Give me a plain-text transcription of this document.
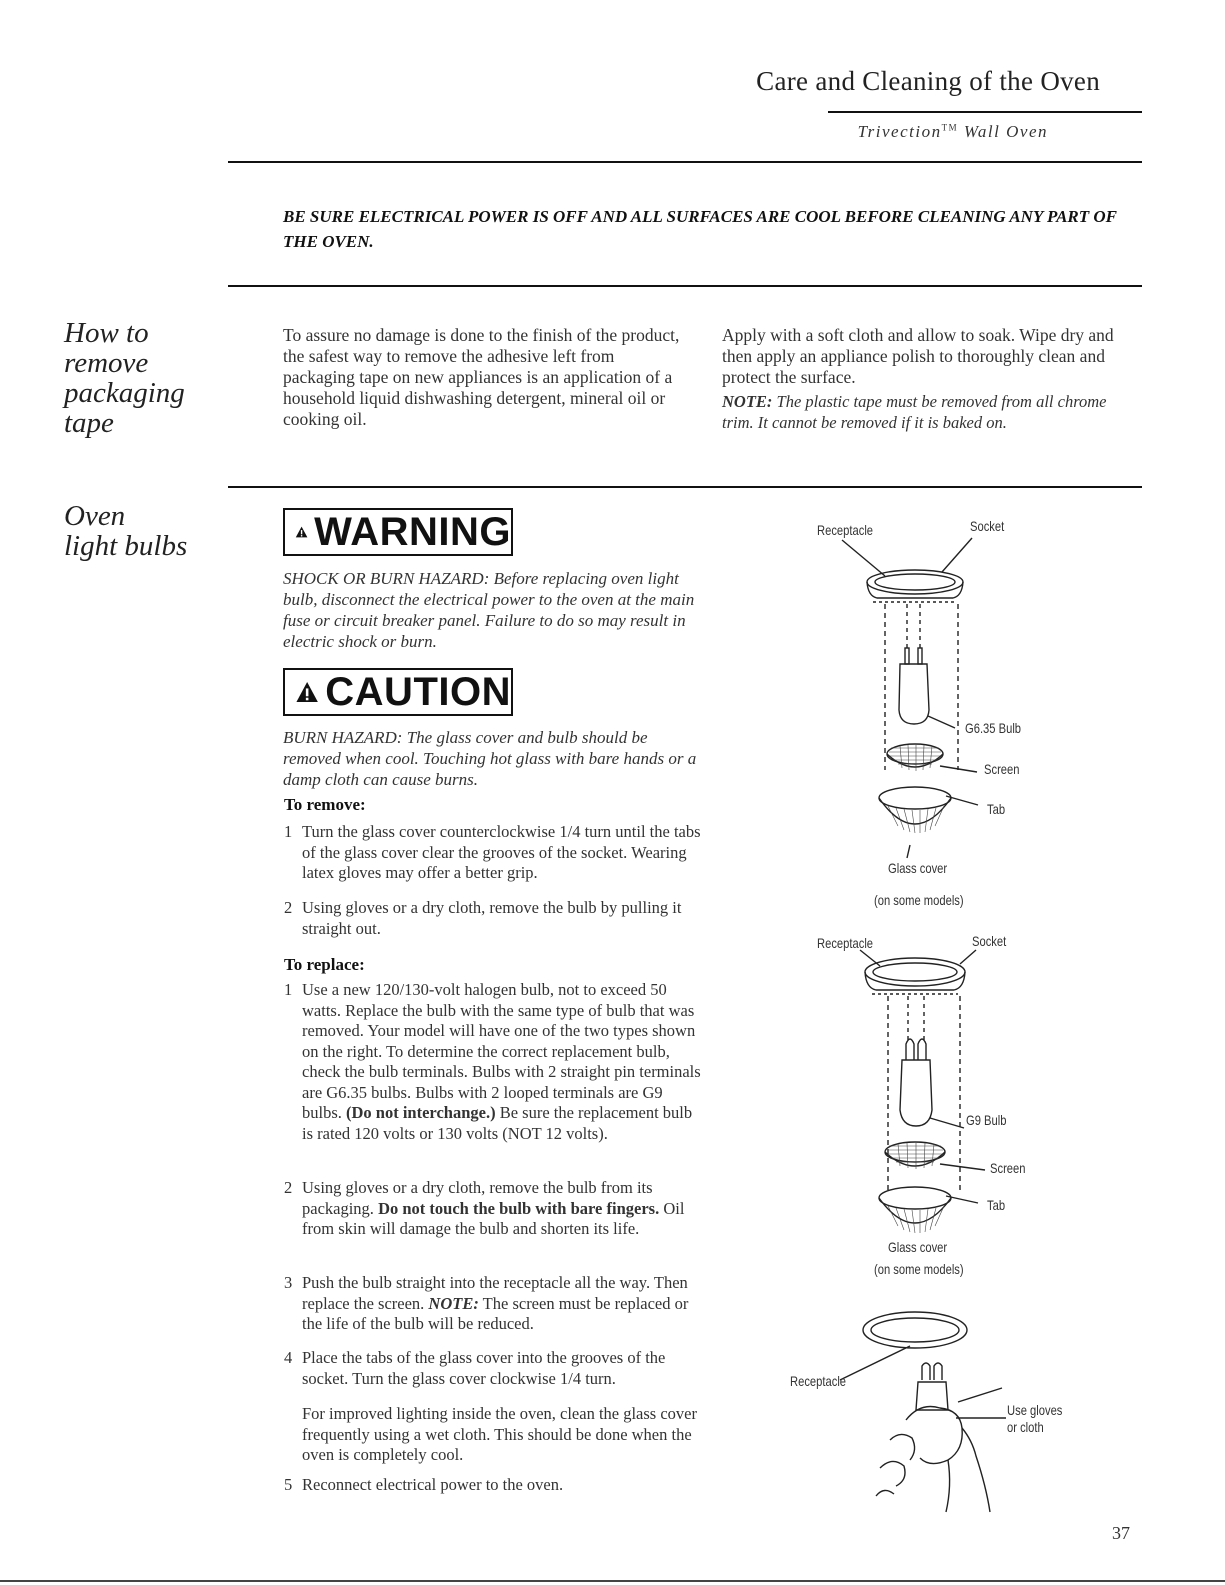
Care and Cleaning of the Oven
Trivection™ Wall Oven
BE SURE ELECTRICAL POWER IS OFF AND ALL SURFACES ARE COOL BEFORE CLEANING ANY PART OF THE OVEN.
How to
remove
packaging
tape
To assure no damage is done to the finish of the product, the safest way to remove the adhesive left from packaging tape on new appliances is an application of a household liquid dishwashing detergent, mineral oil or cooking oil.
Apply with a soft cloth and allow to soak. Wipe dry and then apply an appliance polish to thoroughly clean and protect the surface.
NOTE: The plastic tape must be removed from all chrome trim. It cannot be removed if it is baked on.
Oven
light bulbs	WARNING
SHOCK OR BURN HAZARD: Before replacing oven light bulb, disconnect the electrical power to the oven at the main fuse or circuit breaker panel. Failure to do so may result in electric shock or burn.
CAUTION
BURN HAZARD: The glass cover and bulb should be removed when cool. Touching hot glass with bare hands or a damp cloth can cause burns.
To remove:
1 Turn the glass cover counterclockwise 1/4 turn until the tabs of the glass cover clear the grooves of the socket. Wearing latex gloves may offer a better grip.
2 Using gloves or a dry cloth, remove the bulb by pulling it straight out.
To replace:
1 Use a new 120/130-volt halogen bulb, not to exceed 50 watts. Replace the bulb with the same type of bulb that was removed. Your model will have one of the two types shown on the right. To determine the correct replacement bulb, check the bulb terminals. Bulbs with 2 straight pin terminals are G6.35 bulbs. Bulbs with 2 looped terminals are G9 bulbs. (Do not interchange.) Be sure the replacement bulb is rated 120 volts or 130 volts (NOT 12 volts).
2 Using gloves or a dry cloth, remove the bulb from its packaging. Do not touch the bulb with bare fingers. Oil from skin will damage the bulb and shorten its life.
3 Push the bulb straight into the receptacle all the way. Then replace the screen. NOTE: The screen must be replaced or the life of the bulb will be reduced.
4 Place the tabs of the glass cover into the grooves of the socket. Turn the glass cover clockwise 1/4 turn.
For improved lighting inside the oven, clean the glass cover frequently using a wet cloth. This should be done when the oven is completely cool.
5 Reconnect electrical power to the oven.
Receptacle	Socket
G6.35 Bulb
Screen
Tab
Glass cover
(on some models)
Receptacle	Socket
G9 Bulb
Screen
Tab
Glass cover
(on some models)
Receptacle
Use gloves
or cloth
37
